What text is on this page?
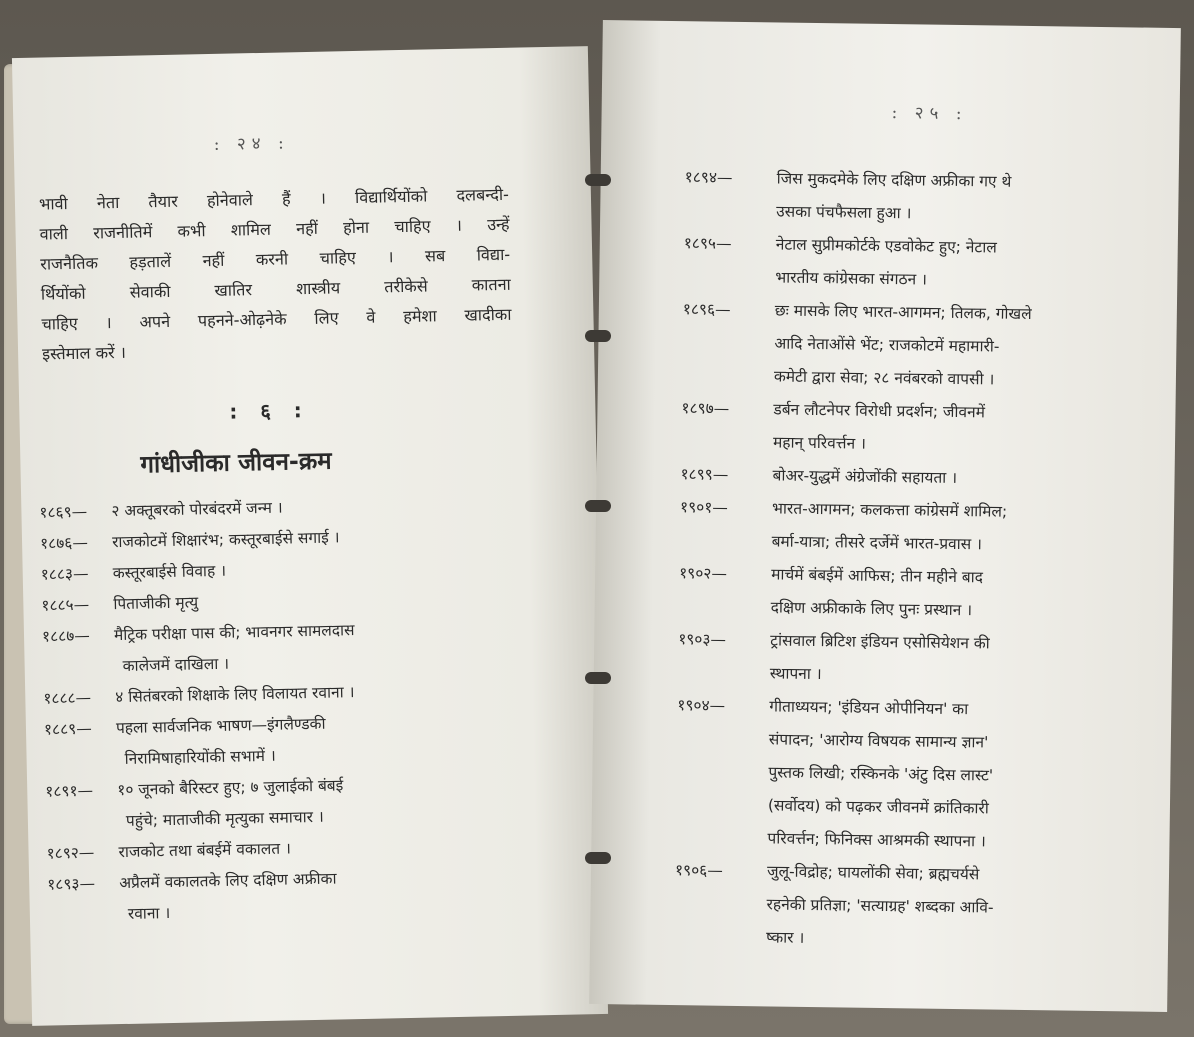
: २४ :
भावी नेता तैयार होनेवाले हैं । विद्यार्थियोंको दलबन्दी-
वाली राजनीतिमें कभी शामिल नहीं होना चाहिए । उन्हें
राजनैतिक हड़तालें नहीं करनी चाहिए । सब विद्या-
र्थियोंको सेवाकी खातिर शास्त्रीय तरीकेसे कातना
चाहिए । अपने पहनने-ओढ़नेके लिए वे हमेशा खादीका
इस्तेमाल करें ।
: ६ :
गांधीजीका जीवन-क्रम
१८६९—	२ अक्तूबरको पोरबंदरमें जन्म ।
१८७६—	राजकोटमें शिक्षारंभ; कस्तूरबाईसे सगाई ।
१८८३—	कस्तूरबाईसे विवाह ।
१८८५—	पिताजीकी मृत्यु
१८८७—	मैट्रिक परीक्षा पास की; भावनगर सामलदास
कालेजमें दाखिला ।
१८८८—	४ सितंबरको शिक्षाके लिए विलायत रवाना ।
१८८९—	पहला सार्वजनिक भाषण—इंगलैण्डकी
निरामिषाहारियोंकी सभामें ।
१८९१—	१० जूनको बैरिस्टर हुए; ७ जुलाईको बंबई
पहुंचे; माताजीकी मृत्युका समाचार ।
१८९२—	राजकोट तथा बंबईमें वकालत ।
१८९३—	अप्रैलमें वकालतके लिए दक्षिण अफ्रीका
रवाना ।
: २५ :
१८९४—	जिस मुकदमेके लिए दक्षिण अफ्रीका गए थे
उसका पंचफैसला हुआ ।
१८९५—	नेटाल सुप्रीमकोर्टके एडवोकेट हुए; नेटाल
भारतीय कांग्रेसका संगठन ।
१८९६—	छः मासके लिए भारत-आगमन; तिलक, गोखले
आदि नेताओंसे भेंट; राजकोटमें महामारी-
कमेटी द्वारा सेवा; २८ नवंबरको वापसी ।
१८९७—	डर्बन लौटनेपर विरोधी प्रदर्शन; जीवनमें
महान् परिवर्त्तन ।
१८९९—	बोअर-युद्धमें अंग्रेजोंकी सहायता ।
१९०१—	भारत-आगमन; कलकत्ता कांग्रेसमें शामिल;
बर्मा-यात्रा; तीसरे दर्जेमें भारत-प्रवास ।
१९०२—	मार्चमें बंबईमें आफिस; तीन महीने बाद
दक्षिण अफ्रीकाके लिए पुनः प्रस्थान ।
१९०३—	ट्रांसवाल ब्रिटिश इंडियन एसोसियेशन की
स्थापना ।
१९०४—	गीताध्ययन; 'इंडियन ओपीनियन' का
संपादन; 'आरोग्य विषयक सामान्य ज्ञान'
पुस्तक लिखी; रस्किनके 'अंटु दिस लास्ट'
(सर्वोदय) को पढ़कर जीवनमें क्रांतिकारी
परिवर्त्तन; फिनिक्स आश्रमकी स्थापना ।
१९०६—	जुलू-विद्रोह; घायलोंकी सेवा; ब्रह्मचर्यसे
रहनेकी प्रतिज्ञा; 'सत्याग्रह' शब्दका आवि-
ष्कार ।
